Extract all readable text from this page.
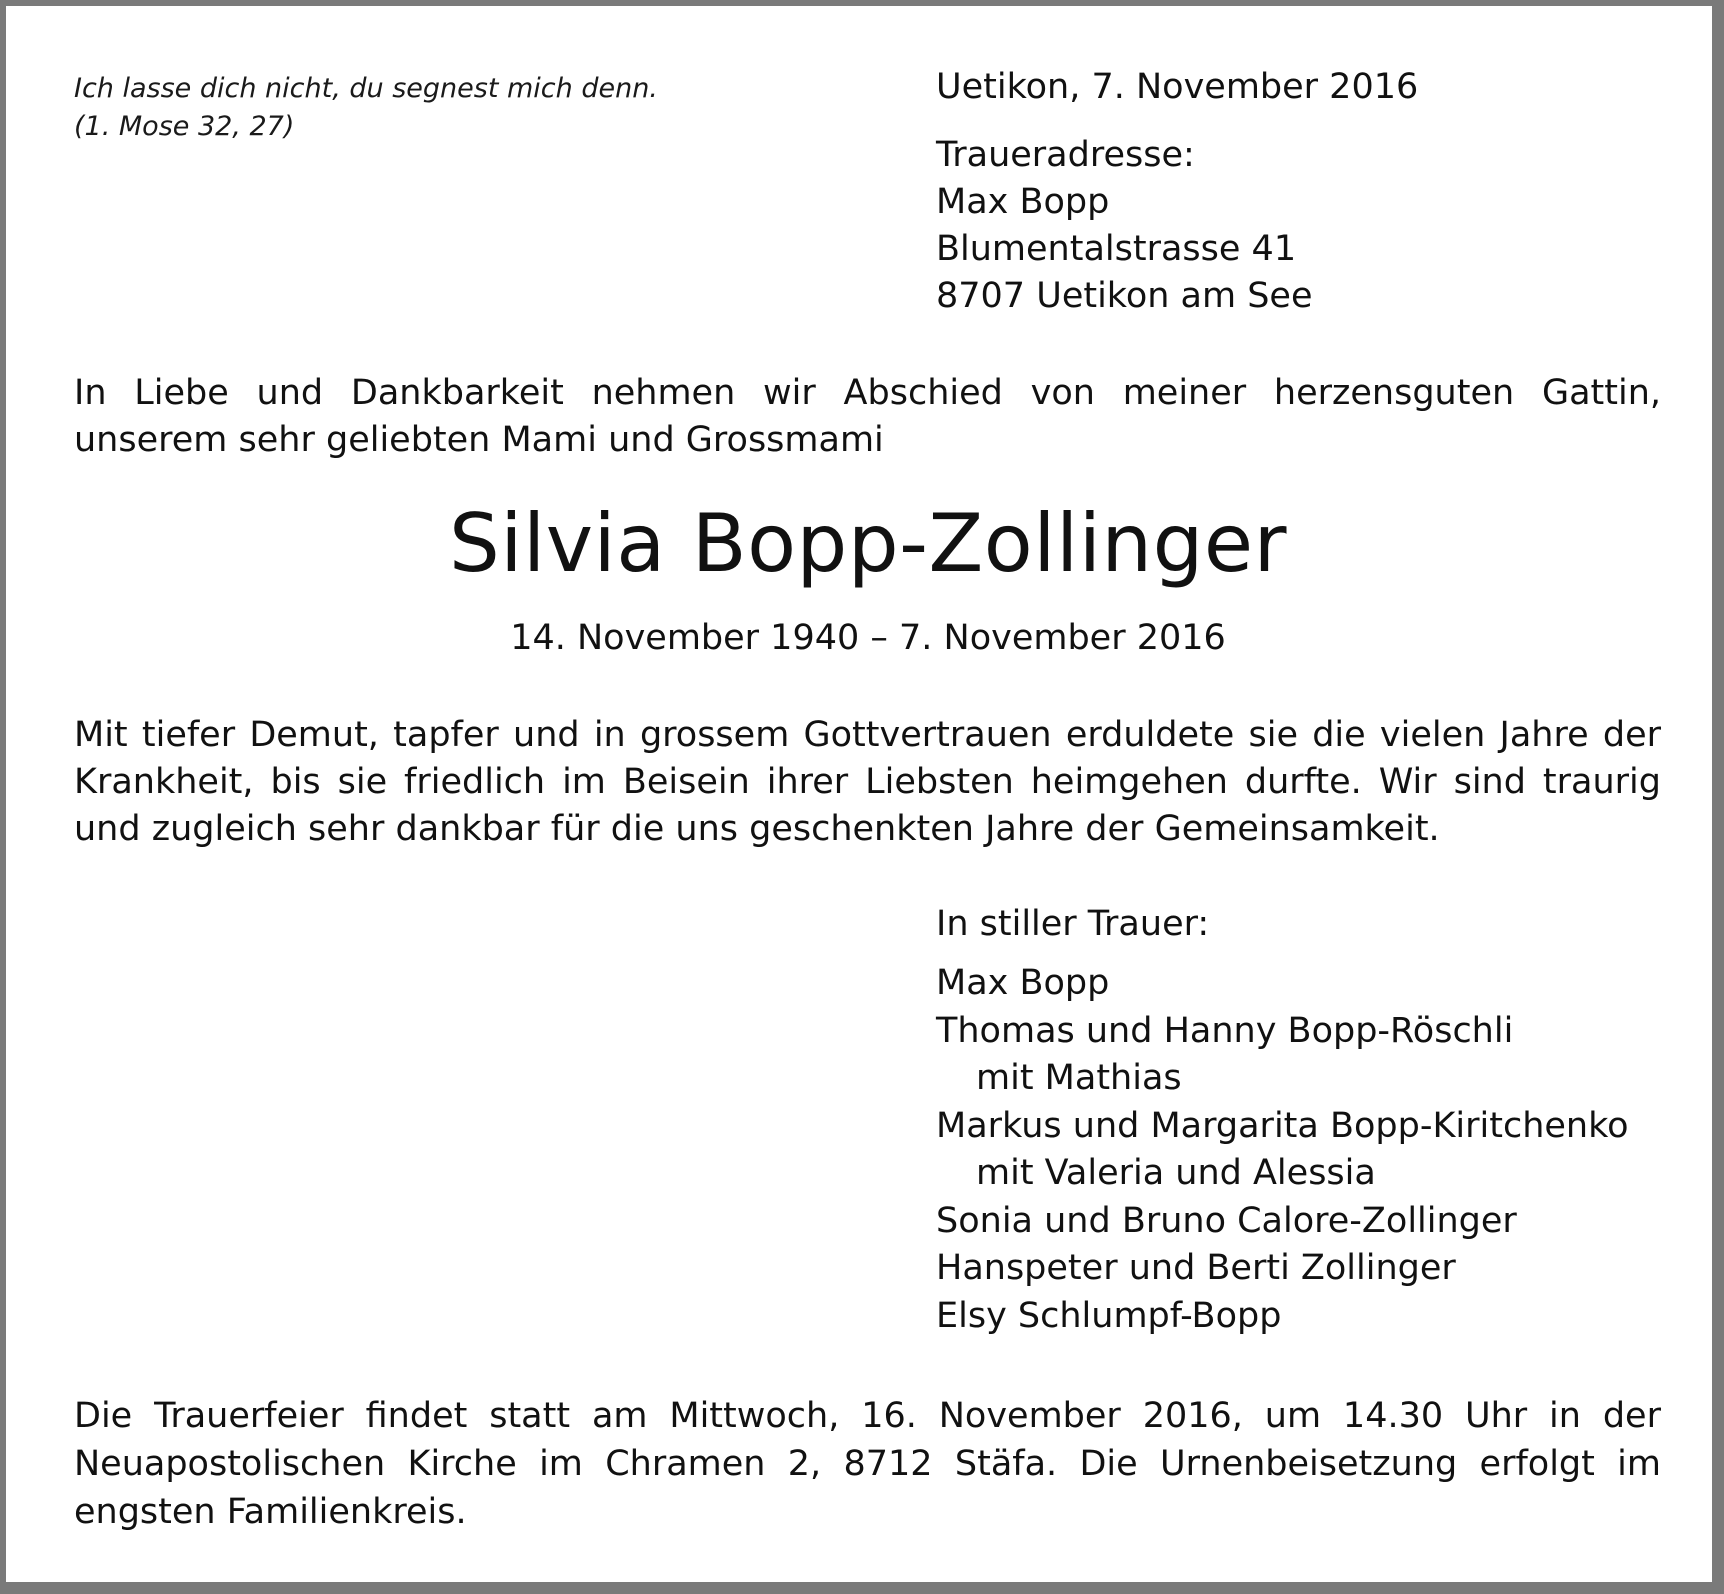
Ich lasse dich nicht, du segnest mich denn.
(1. Mose 32, 27)
Uetikon, 7. November 2016
Traueradresse:
Max Bopp
Blumentalstrasse 41
8707 Uetikon am See
In Liebe und Dankbarkeit nehmen wir Abschied von meiner herzensguten Gattin,
unserem sehr geliebten Mami und Grossmami
Silvia Bopp-Zollinger
14. November 1940 – 7. November 2016
Mit tiefer Demut, tapfer und in grossem Gottvertrauen erduldete sie die vielen Jahre der
Krankheit, bis sie friedlich im Beisein ihrer Liebsten heimgehen durfte. Wir sind traurig
und zugleich sehr dankbar für die uns geschenkten Jahre der Gemeinsamkeit.
In stiller Trauer:
Max Bopp
Thomas und Hanny Bopp-Röschli
mit Mathias
Markus und Margarita Bopp-Kiritchenko
mit Valeria und Alessia
Sonia und Bruno Calore-Zollinger
Hanspeter und Berti Zollinger
Elsy Schlumpf-Bopp
Die Trauerfeier findet statt am Mittwoch, 16. November 2016, um 14.30 Uhr in der
Neuapostolischen Kirche im Chramen 2, 8712 Stäfa. Die Urnenbeisetzung erfolgt im
engsten Familienkreis.
